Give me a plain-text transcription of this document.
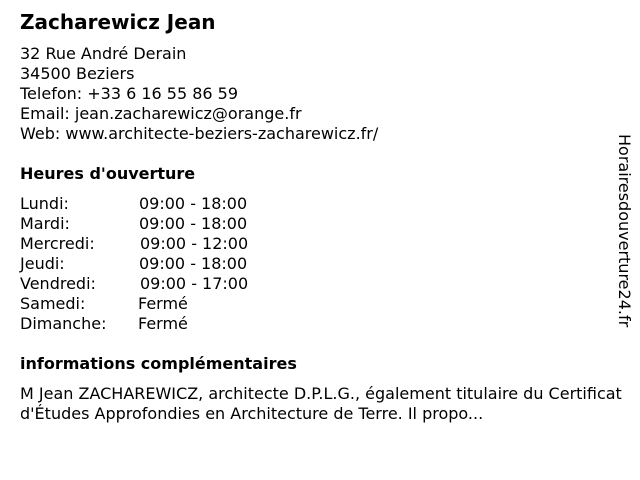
Zacharewicz Jean
32 Rue André Derain
34500 Beziers
Telefon: +33 6 16 55 86 59
Email: jean.zacharewicz@orange.fr
Web: www.architecte-beziers-zacharewicz.fr/
Heures d'ouverture
Lundi:	09:00 - 18:00
Mardi:	09:00 - 18:00
Mercredi:	09:00 - 12:00
Jeudi:	09:00 - 18:00
Vendredi:	09:00 - 17:00
Samedi:	Fermé
Dimanche: Fermé
informations complémentaires
M Jean ZACHAREWICZ, architecte D.P.L.G., également titulaire du Certificat d'Études Approfondies en Architecture de Terre. Il propo...
Horairesdouverture24.fr
